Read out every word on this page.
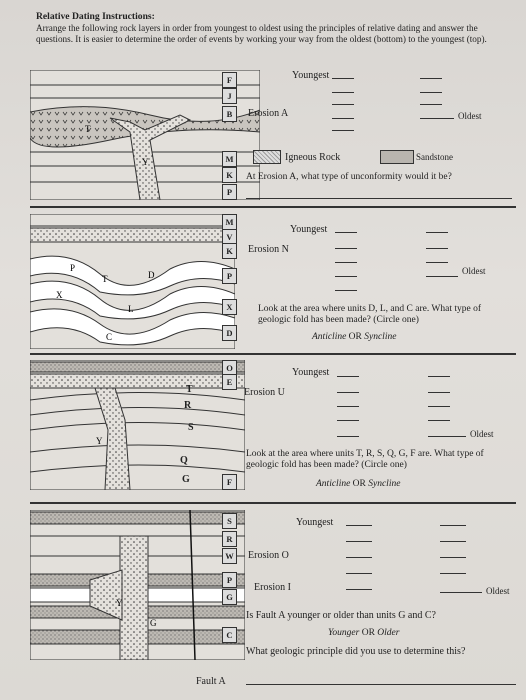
Relative Dating Instructions:
Arrange the following rock layers in order from youngest to oldest using the principles of relative dating and answer the questions. It is easier to determine the order of events by working your way from the oldest (bottom) to the youngest (top).
T
Y
F
J
B
M
K
P
Youngest
Erosion A	Oldest
Igneous Rock	Sandstone
At Erosion A, what type of unconformity would it be?
P
T	D
L
X
C
M
V
K
P
X
D
Youngest
Erosion N
Oldest
Look at the area where units D, L, and C are. What type of geologic fold has been made? (Circle one)
Anticline OR Syncline
Y
O
E
T
R
S
Q
G	F
Youngest
Erosion U
Oldest
Look at the area where units T, R, S, Q, G, F are. What type of geologic fold has been made? (Circle one)
Anticline OR Syncline
Y
G
S
R
W
P
G
C
Youngest
Erosion O
Erosion I	Oldest
Is Fault A younger or older than units G and C?
Younger OR Older
What geologic principle did you use to determine this?
Fault A
